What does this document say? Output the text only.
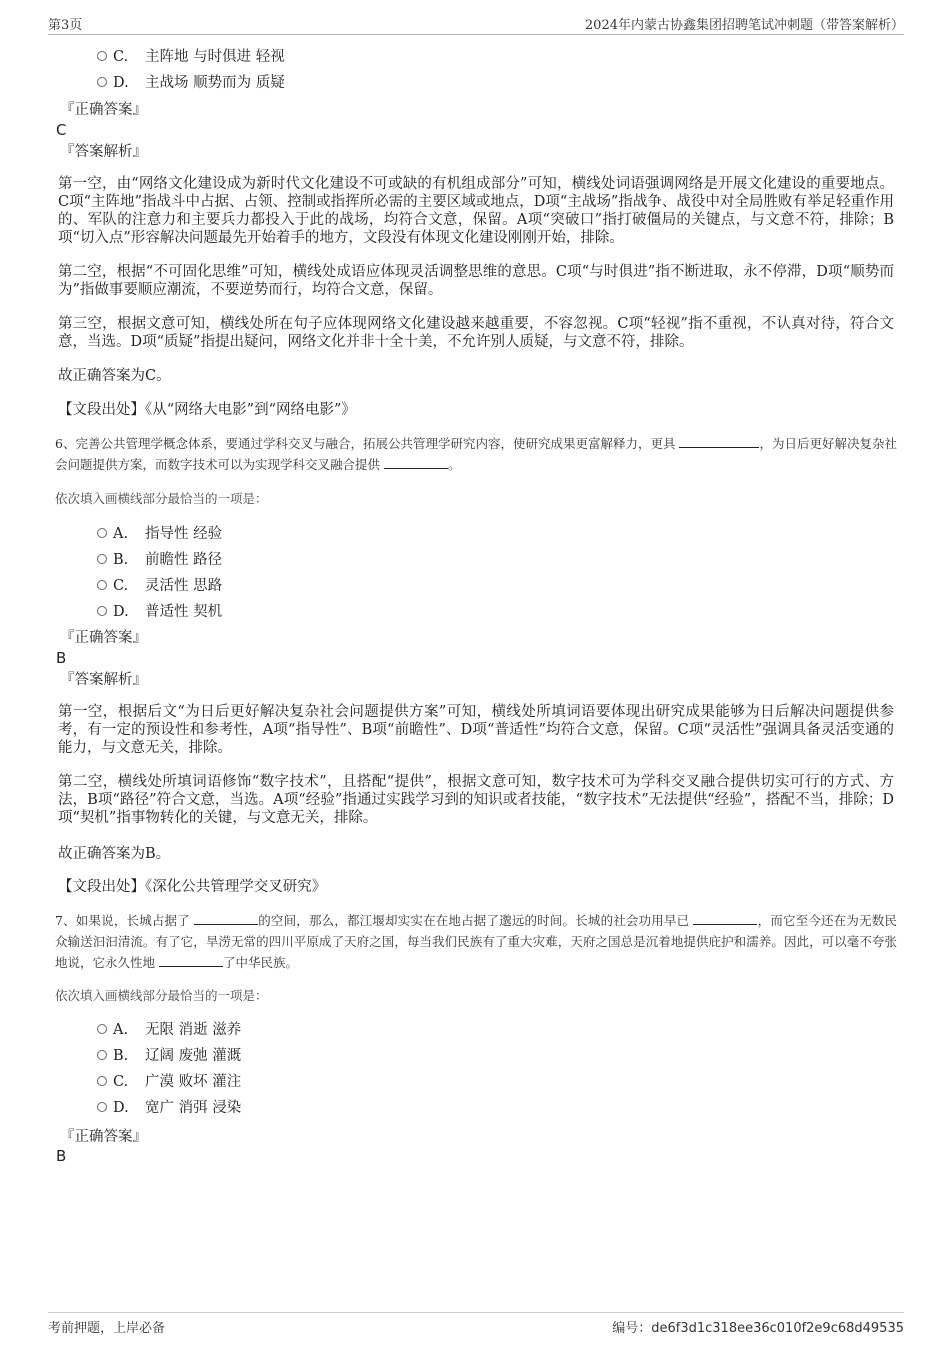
第3页	2024年内蒙古协鑫集团招聘笔试冲刺题（带答案解析）
C. 主阵地 与时俱进 轻视
D. 主战场 顺势而为 质疑
『正确答案』
C
『答案解析』
第一空，由“网络文化建设成为新时代文化建设不可或缺的有机组成部分”可知，横线处词语强调网络是开展文化建设的重要地点。C项“主阵地”指战斗中占据、占领、控制或指挥所必需的主要区域或地点，D项“主战场”指战争、战役中对全局胜败有举足轻重作用的、军队的注意力和主要兵力都投入于此的战场，均符合文意，保留。A项“突破口”指打破僵局的关键点，与文意不符，排除；B项“切入点”形容解决问题最先开始着手的地方，文段没有体现文化建设刚刚开始，排除。
第二空，根据“不可固化思维”可知，横线处成语应体现灵活调整思维的意思。C项“与时俱进”指不断进取，永不停滞，D项“顺势而为”指做事要顺应潮流，不要逆势而行，均符合文意，保留。
第三空，根据文意可知，横线处所在句子应体现网络文化建设越来越重要，不容忽视。C项“轻视”指不重视，不认真对待，符合文意，当选。D项“质疑”指提出疑问，网络文化并非十全十美，不允许别人质疑，与文意不符，排除。
故正确答案为C。
【文段出处】《从“网络大电影”到“网络电影”》
6、完善公共管理学概念体系，要通过学科交叉与融合，拓展公共管理学研究内容，使研究成果更富解释力，更具	，为日后更好解决复杂社会问题提供方案，而数字技术可以为实现学科交叉融合提供	。
依次填入画横线部分最恰当的一项是：
A. 指导性 经验
B. 前瞻性 路径
C. 灵活性 思路
D. 普适性 契机
『正确答案』
B
『答案解析』
第一空，根据后文“为日后更好解决复杂社会问题提供方案”可知，横线处所填词语要体现出研究成果能够为日后解决问题提供参考，有一定的预设性和参考性，A项“指导性”、B项“前瞻性”、D项“普适性”均符合文意，保留。C项“灵活性”强调具备灵活变通的能力，与文意无关，排除。
第二空，横线处所填词语修饰“数字技术”，且搭配“提供”，根据文意可知，数字技术可为学科交叉融合提供切实可行的方式、方法，B项“路径”符合文意，当选。A项“经验”指通过实践学习到的知识或者技能，“数字技术”无法提供“经验”，搭配不当，排除；D项“契机”指事物转化的关键，与文意无关，排除。
故正确答案为B。
【文段出处】《深化公共管理学交叉研究》
7、如果说，长城占据了	的空间，那么，都江堰却实实在在地占据了邈远的时间。长城的社会功用早已	，而它至今还在为无数民众输送汩汩清流。有了它，旱涝无常的四川平原成了天府之国，每当我们民族有了重大灾难，天府之国总是沉着地提供庇护和濡养。因此，可以毫不夸张地说，它永久性地	了中华民族。
依次填入画横线部分最恰当的一项是：
A. 无限 消逝 滋养
B. 辽阔 废弛 灌溉
C. 广漠 败坏 灌注
D. 宽广 消弭 浸染
『正确答案』
B
考前押题，上岸必备	编号：de6f3d1c318ee36c010f2e9c68d49535
